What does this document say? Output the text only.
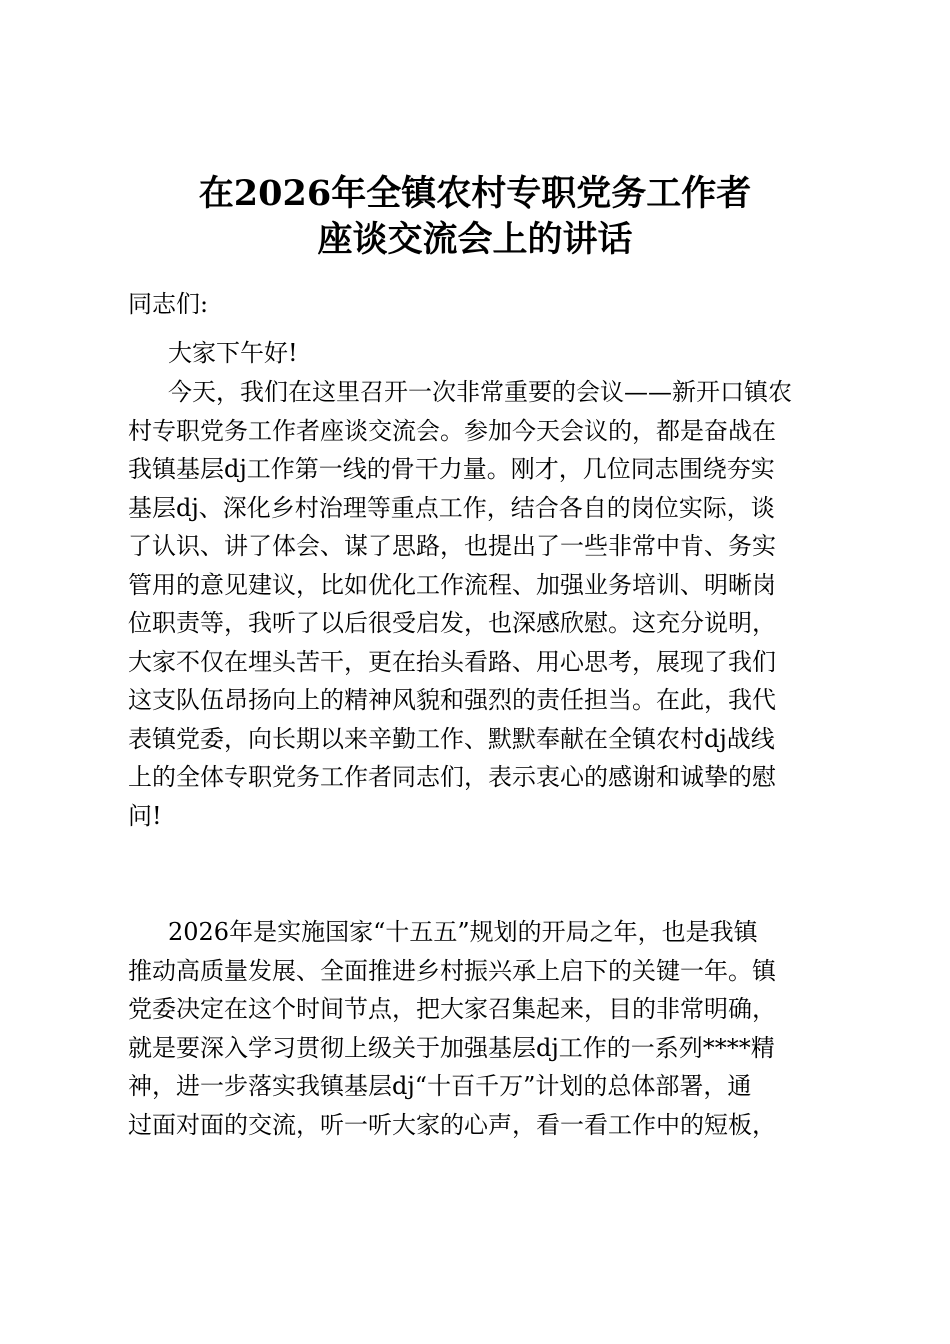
在2026年全镇农村专职党务工作者
座谈交流会上的讲话
同志们:
大家下午好!
今天，我们在这里召开一次非常重要的会议——新开口镇农
村专职党务工作者座谈交流会。参加今天会议的，都是奋战在
我镇基层dj工作第一线的骨干力量。刚才，几位同志围绕夯实
基层dj、深化乡村治理等重点工作，结合各自的岗位实际，谈
了认识、讲了体会、谋了思路，也提出了一些非常中肯、务实
管用的意见建议，比如优化工作流程、加强业务培训、明晰岗
位职责等，我听了以后很受启发，也深感欣慰。这充分说明，
大家不仅在埋头苦干，更在抬头看路、用心思考，展现了我们
这支队伍昂扬向上的精神风貌和强烈的责任担当。在此，我代
表镇党委，向长期以来辛勤工作、默默奉献在全镇农村dj战线
上的全体专职党务工作者同志们，表示衷心的感谢和诚挚的慰
问!
2026年是实施国家“十五五”规划的开局之年，也是我镇
推动高质量发展、全面推进乡村振兴承上启下的关键一年。镇
党委决定在这个时间节点，把大家召集起来，目的非常明确，
就是要深入学习贯彻上级关于加强基层dj工作的一系列****精
神，进一步落实我镇基层dj“十百千万”计划的总体部署，通
过面对面的交流，听一听大家的心声，看一看工作中的短板，
